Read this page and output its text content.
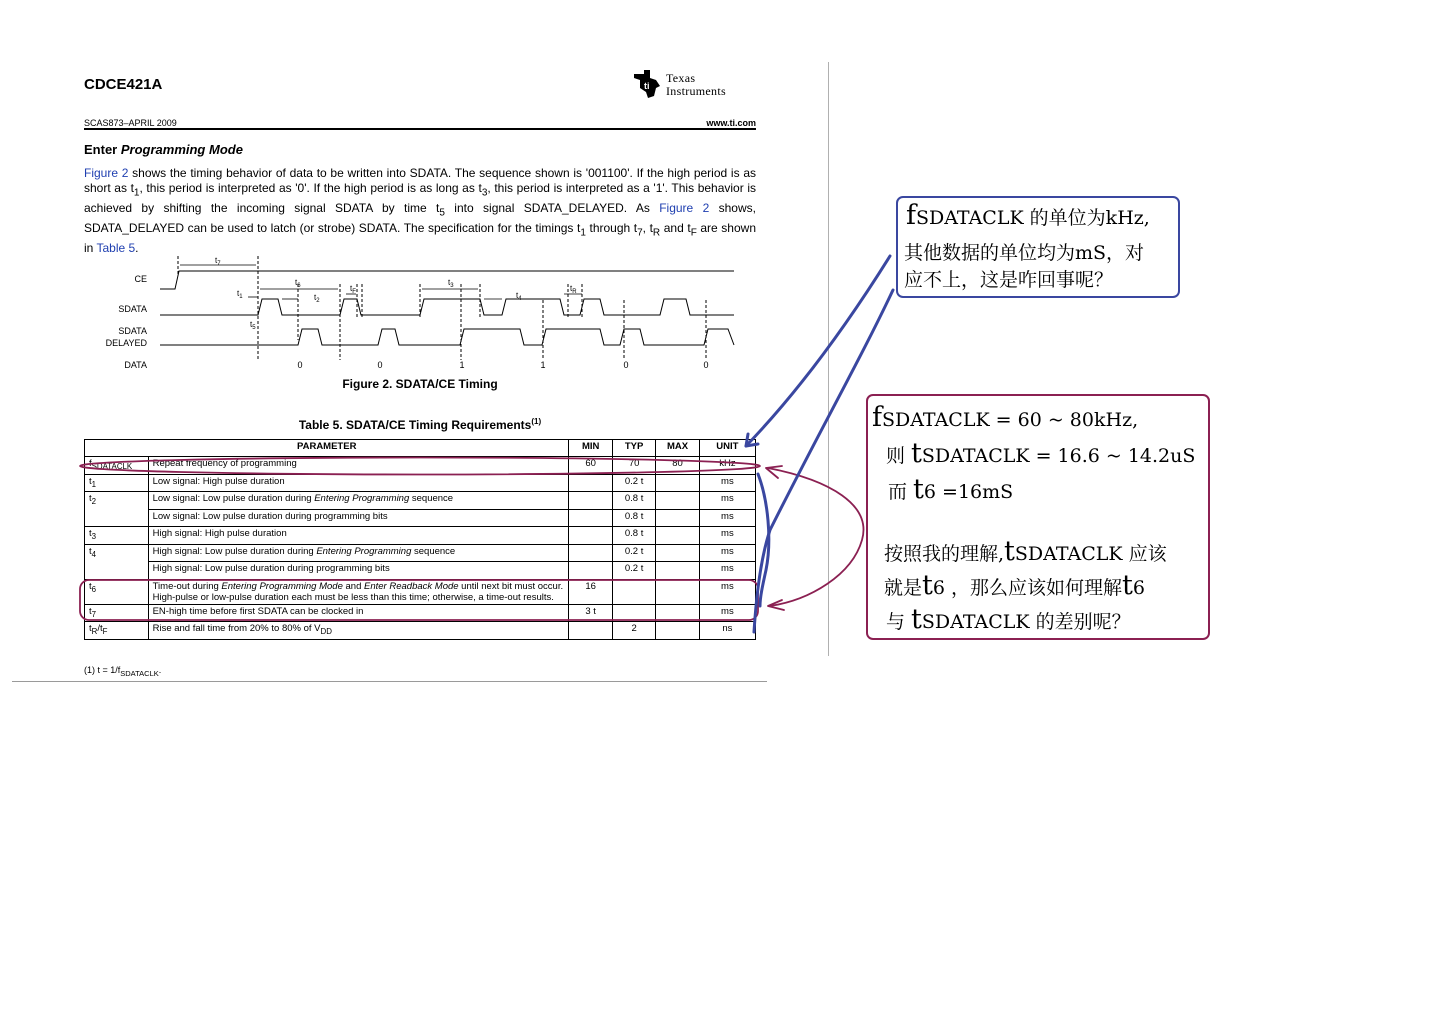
CDCE421A	ti
Texas
Instruments
SCAS873–APRIL 2009	www.ti.com
Enter Programming Mode
Figure 2 shows the timing behavior of data to be written into SDATA. The sequence shown is '001100'. If the high period is as short as $t_1$, this period is interpreted as '0'. If the high period is as long as $t_3$, this period is interpreted as a '1'. This behavior is achieved by shifting the incoming signal SDATA by time $t_5$ into signal SDATA_DELAYED. As Figure 2 shows, SDATA_DELAYED can be used to latch (or strobe) SDATA. The specification for the timings $t_1$ through $t_7$, $t_R$ and $t_F$ are shown in Table 5.
CE
SDATA
SDATA
DELAYED
DATA
$t_7$
$t_6$	$t_F$
$t_3$	$t_R$
$t_1$	$t_2$
$t_4$
$t_5$
0	0	1	1	0	0
Figure 2. SDATA/CE Timing
Table 5. SDATA/CE Timing Requirements$^{(1)}$
PARAMETER		MIN	TYP	MAX	UNIT
$f_{SDATACLK}$	Repeat frequency of programming	60	70	80	kHz
$t_1$	Low signal: High pulse duration		0.2 t		ms
$t_2$	Low signal: Low pulse duration during Entering Programming sequence		0.8 t		ms
	Low signal: Low pulse duration during programming bits		0.8 t		ms
$t_3$	High signal: High pulse duration		0.8 t		ms
$t_4$	High signal: Low pulse duration during Entering Programming sequence		0.2 t		ms
	High signal: Low pulse duration during programming bits		0.2 t		ms
$t_6$	Time-out during Entering Programming Mode and Enter Readback Mode until next bit must occur. High-pulse or low-pulse duration each must be less than this time; otherwise, a time-out results.	16			ms
$t_7$	EN-high time before first SDATA can be clocked in	3 t			ms
$t_R/t_F$	Rise and fall time from 20% to 80% of $V_{DD}$		2		ns
(1) $t = 1/f_{SDATACLK}$.
fSDATACLK 的单位为kHz,
其他数据的单位均为mS，对
应不上，这是咋回事呢？
fSDATACLK = 60 ~ 80kHz,
则 tSDATACLK = 16.6 ~ 14.2uS
而 t6 =16mS
按照我的理解,tSDATACLK 应该
就是t6 ，那么应该如何理解t6
与 tSDATACLK 的差别呢？
